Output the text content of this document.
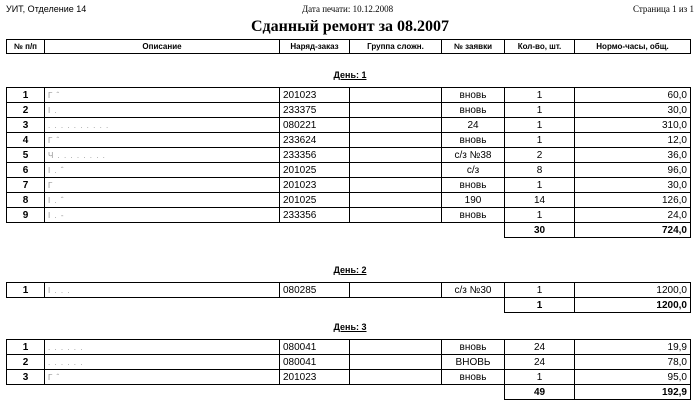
УИТ, Отделение 14	Дата печати: 10.12.2008	Страница 1 из 1
Сданный ремонт за 08.2007
№ п/п	Описание	Наряд-заказ	Группа сложн.	№ заявки	Кол-во, шт.	Нормо-часы, общ.
День: 1
1	Г ˆ	201023		вновь	1	60,0
2	I .	233375		вновь	1	30,0
3	. . . . . . . . . .	080221		24	1	310,0
4	Г ˆ	233624		вновь	1	12,0
5	Ч . . . . . . . .	233356		с/з №38	2	36,0
6	I . ˆ	201025		с/з	8	96,0
7	Г	201023		вновь	1	30,0
8	I . ˆ	201025		190	14	126,0
9	I . -	233356		вновь	1	24,0
					30	724,0
День: 2
1	I . . .	080285		с/з №30	1	1200,0
					1	1200,0
День: 3
1	. . . . . .	080041		вновь	24	19,9
2	. . . . . .	080041		ВНОВЬ	24	78,0
3	Г ˆ	201023		вновь	1	95,0
					49	192,9
